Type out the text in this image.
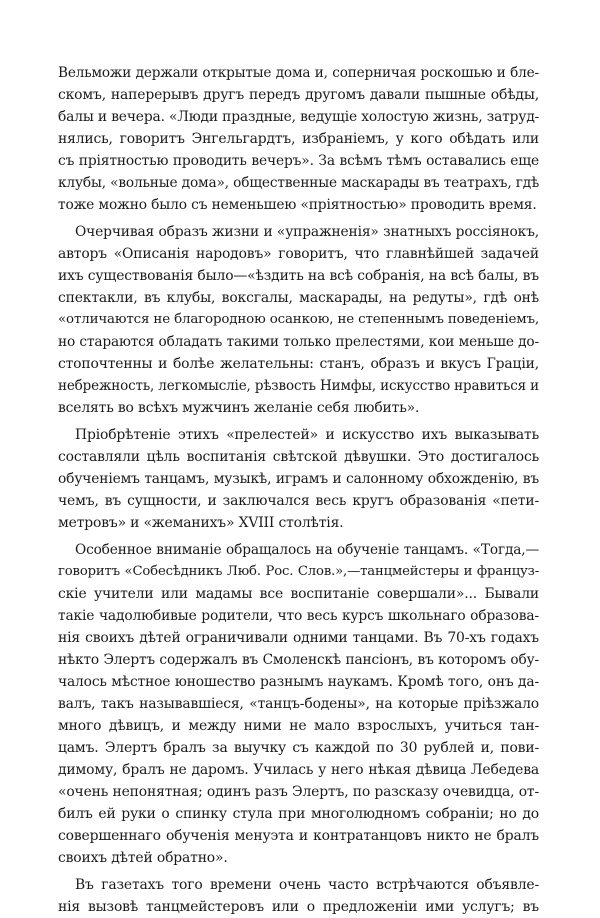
Вельможи держали открытые дома и, соперничая роскошью и бле-
скомъ, наперерывъ другъ передъ другомъ давали пышные обѣды,
балы и вечера. «Люди праздные, ведущіе холостую жизнь, затруд-
нялись, говоритъ Энгельгардтъ, избраніемъ, у кого обѣдать или
съ пріятностью проводить вечеръ». За всѣмъ тѣмъ оставались еще
клубы, «вольные дома», общественные маскарады въ театрахъ, гдѣ
тоже можно было съ неменьшею «пріятностью» проводить время.
Очерчивая образъ жизни и «упражненія» знатныхъ россіянокъ,
авторъ «Описанія народовъ» говоритъ, что главнѣйшей задачей
ихъ существованія было—«ѣздить на всѣ собранія, на всѣ балы, въ
спектакли, въ клубы, воксгалы, маскарады, на редуты», гдѣ онѣ
«отличаются не благородною осанкою, не степеннымъ поведеніемъ,
но стараются обладать такими только прелестями, кои меньше до-
стопочтенны и болѣе желательны: станъ, образъ и вкусъ Граціи,
небрежность, легкомысліе, рѣзвость Нимфы, искусство нравиться и
вселять во всѣхъ мужчинъ желаніе себя любить».
Пріобрѣтеніе этихъ «прелестей» и искусство ихъ выказывать
составляли цѣль воспитанія свѣтской дѣвушки. Это достигалось
обученіемъ танцамъ, музыкѣ, играмъ и салонному обхожденію, въ
чемъ, въ сущности, и заключался весь кругъ образованія «пети-
метровъ» и «жеманихъ» XVIII столѣтія.
Особенное вниманіе обращалось на обученіе танцамъ. «Тогда,—
говоритъ «Собесѣдникъ Люб. Рос. Слов.»,—танцмейстеры и француз-
скіе учители или мадамы все воспитаніе совершали»... Бывали
такіе чадолюбивые родители, что весь курсъ школьнаго образова-
нія своихъ дѣтей ограничивали одними танцами. Въ 70-хъ годахъ
нѣкто Элертъ содержалъ въ Смоленскѣ пансіонъ, въ которомъ обу-
чалось мѣстное юношество разнымъ наукамъ. Кромѣ того, онъ да-
валъ, такъ называвшіеся, «танцъ-бодены», на которые пріѣзжало
много дѣвицъ, и между ними не мало взрослыхъ, учиться тан-
цамъ. Элертъ бралъ за выучку съ каждой по 30 рублей и, пови-
димому, бралъ не даромъ. Училась у него нѣкая дѣвица Лебедева
«очень непонятная; одинъ разъ Элертъ, по разсказу очевидца, от-
билъ ей руки о спинку стула при многолюдномъ собраніи; но до
совершеннаго обученія менуэта и контратанцовъ никто не бралъ
своихъ дѣтей обратно».
Въ газетахъ того времени очень часто встрѣчаются объявле-
нія вызовѣ танцмейстеровъ или о предложеніи ими услугъ; въ
